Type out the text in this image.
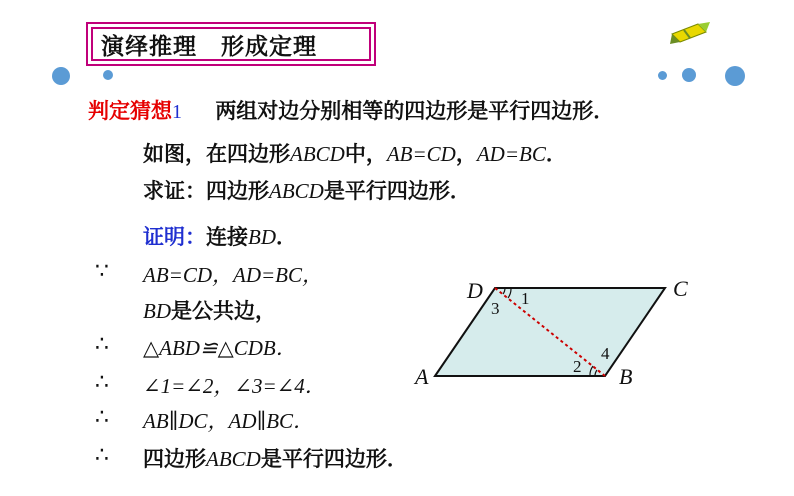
演绎推理　形成定理
判定猜想1 两组对边分别相等的四边形是平行四边形．
如图，在四边形ABCD中，AB=CD，AD=BC．
求证：四边形ABCD是平行四边形．
证明：连接BD．
∵ AB=CD，AD=BC，
BD是公共边，
∴ △ABD≌△CDB．
∴ ∠1=∠2，∠3=∠4．
∴ AB∥DC，AD∥BC．
∴ 四边形ABCD是平行四边形．
A	B
C
D 1
2
3
4
